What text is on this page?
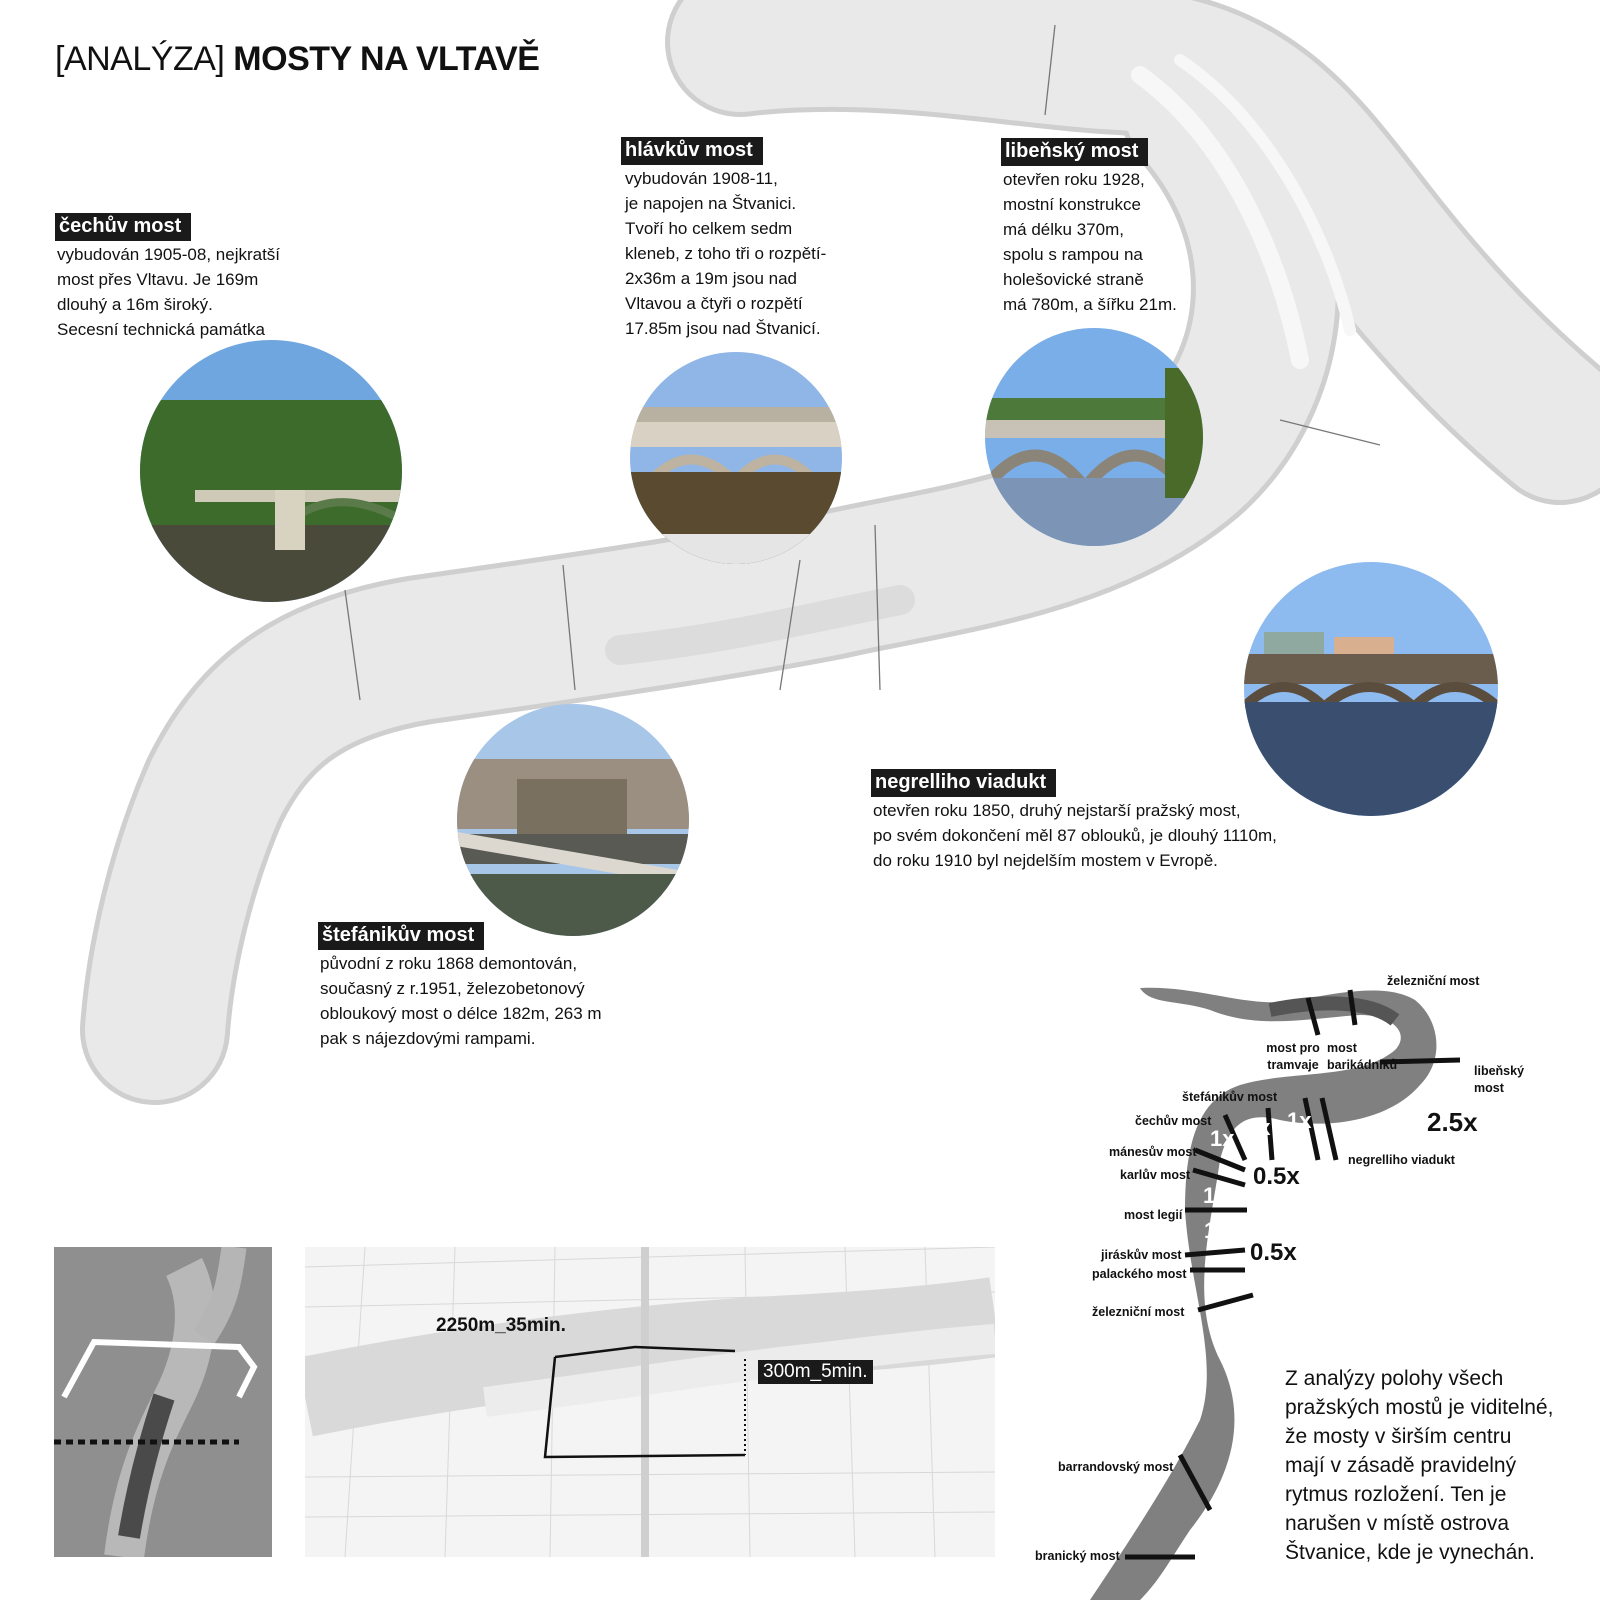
[ANALÝZA] MOSTY NA VLTAVĚ
čechův most
vybudován 1905-08, nejkratší
most přes Vltavu. Je 169m
dlouhý a 16m široký.
Secesní technická památka
hlávkův most
vybudován 1908-11,
je napojen na Štvanici.
Tvoří ho celkem sedm
kleneb, z toho tři o rozpětí-
2x36m a 19m jsou nad
Vltavou a čtyři o rozpětí
17.85m jsou nad Štvanicí.
libeňský most
otevřen roku 1928,
mostní konstrukce
má délku 370m,
spolu s rampou na
holešovické straně
má 780m, a šířku 21m.
negrelliho viadukt
otevřen roku 1850, druhý nejstarší pražský most,
po svém dokončení měl 87 oblouků, je dlouhý 1110m,
do roku 1910 byl nejdelším mostem v Evropě.
štefánikův most
původní z roku 1868 demontován,
současný z r.1951, železobetonový
obloukový most o délce 182m, 263 m
pak s nájezdovými rampami.
2250m_35min.
300m_5min.
železniční most
most pro tramvaje
most barikádníků	libeňský most
štefánikův most
čechův most
mánesův most
karlův most
most legií
jiráskův most
palackého most
železniční most
negrelliho viadukt
barrandovský most
branický most
2.5x
0.5x
0.5x
1x 1x 1x
1x
1x
1x
Z analýzy polohy všech
pražských mostů je viditelné,
že mosty v širším centru
mají v zásadě pravidelný
rytmus rozložení. Ten je
narušen v místě ostrova
Štvanice, kde je vynechán.
